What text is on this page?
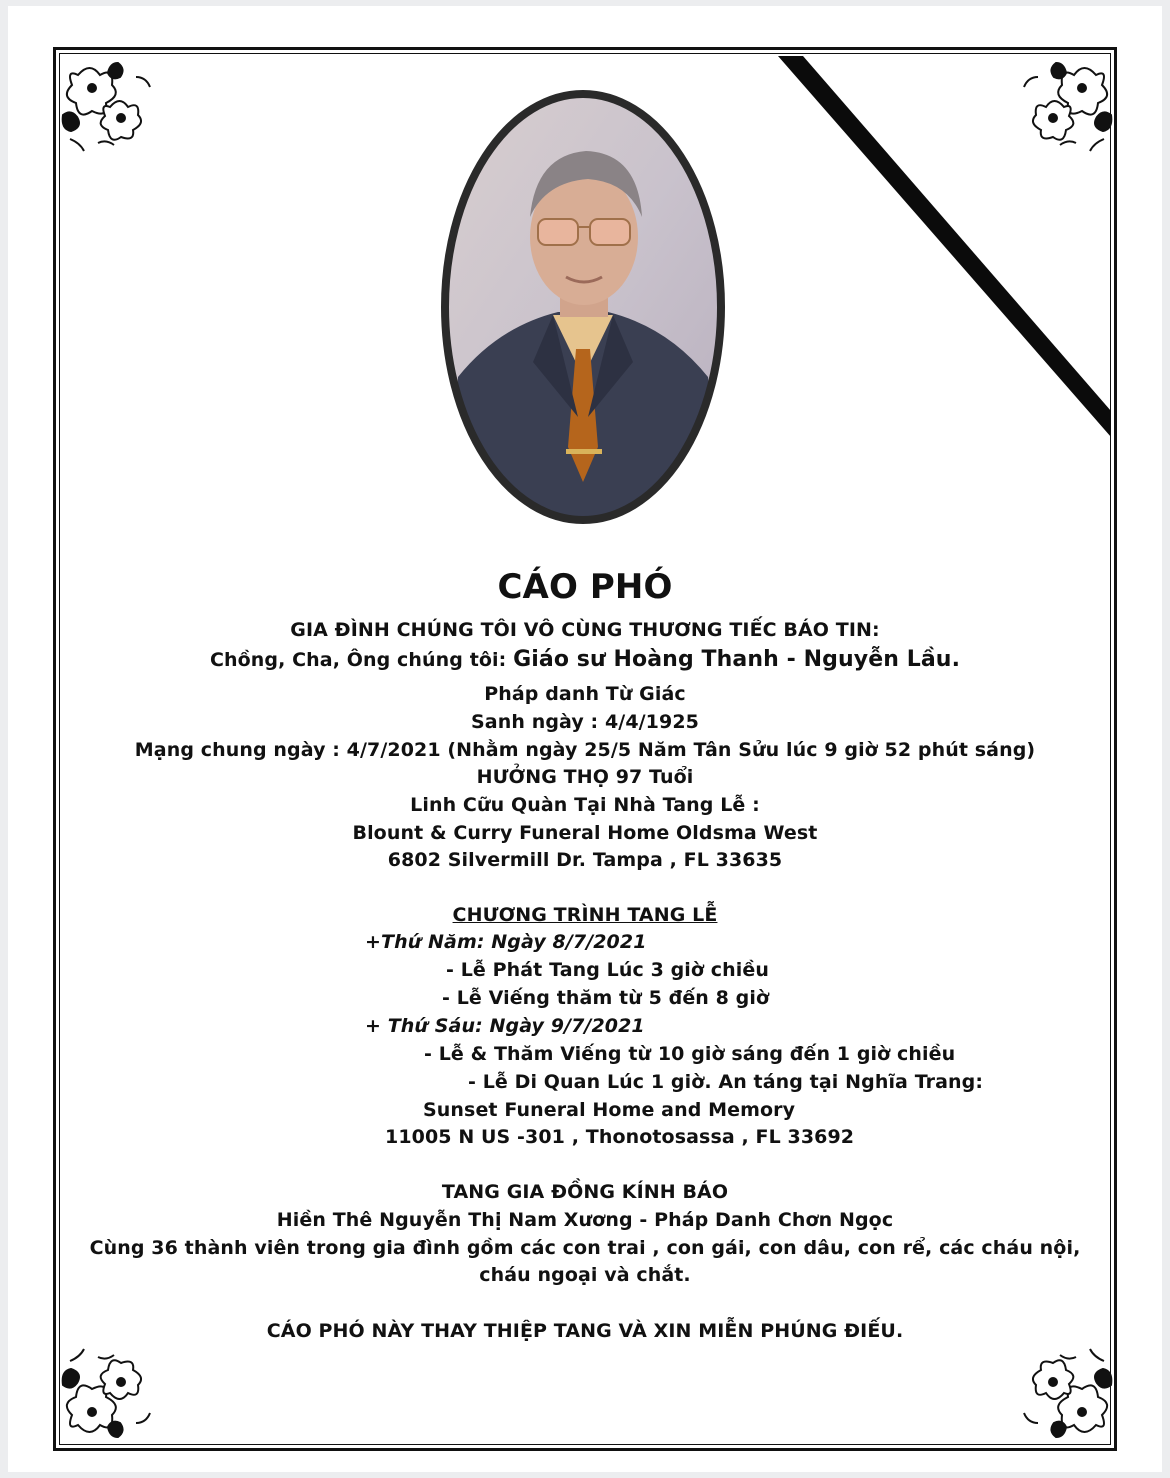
CÁO PHÓ
GIA ĐÌNH CHÚNG TÔI VÔ CÙNG THƯƠNG TIẾC BÁO TIN:
Chồng, Cha, Ông chúng tôi: Giáo sư Hoàng Thanh - Nguyễn Lầu.
Pháp danh Từ Giác
Sanh ngày : 4/4/1925
Mạng chung ngày : 4/7/2021 (Nhằm ngày 25/5 Năm Tân Sửu lúc 9 giờ 52 phút sáng)
HƯỞNG THỌ 97 Tuổi
Linh Cữu Quàn Tại Nhà Tang Lễ :
Blount & Curry Funeral Home Oldsma West
6802 Silvermill Dr. Tampa , FL 33635
CHƯƠNG TRÌNH TANG LỄ
+Thứ Năm: Ngày 8/7/2021
- Lễ Phát Tang Lúc 3 giờ chiều
- Lễ Viếng thăm từ 5 đến 8 giờ
+ Thứ Sáu: Ngày 9/7/2021
- Lễ & Thăm Viếng từ 10 giờ sáng đến 1 giờ chiều
- Lễ Di Quan Lúc 1 giờ. An táng tại Nghĩa Trang:
Sunset Funeral Home and Memory
11005 N US -301 , Thonotosassa , FL 33692
TANG GIA ĐỒNG KÍNH BÁO
Hiền Thê Nguyễn Thị Nam Xương - Pháp Danh Chơn Ngọc
Cùng 36 thành viên trong gia đình gồm các con trai , con gái, con dâu, con rể, các cháu nội,
cháu ngoại và chắt.
CÁO PHÓ NÀY THAY THIỆP TANG VÀ XIN MIỄN PHÚNG ĐIẾU.
